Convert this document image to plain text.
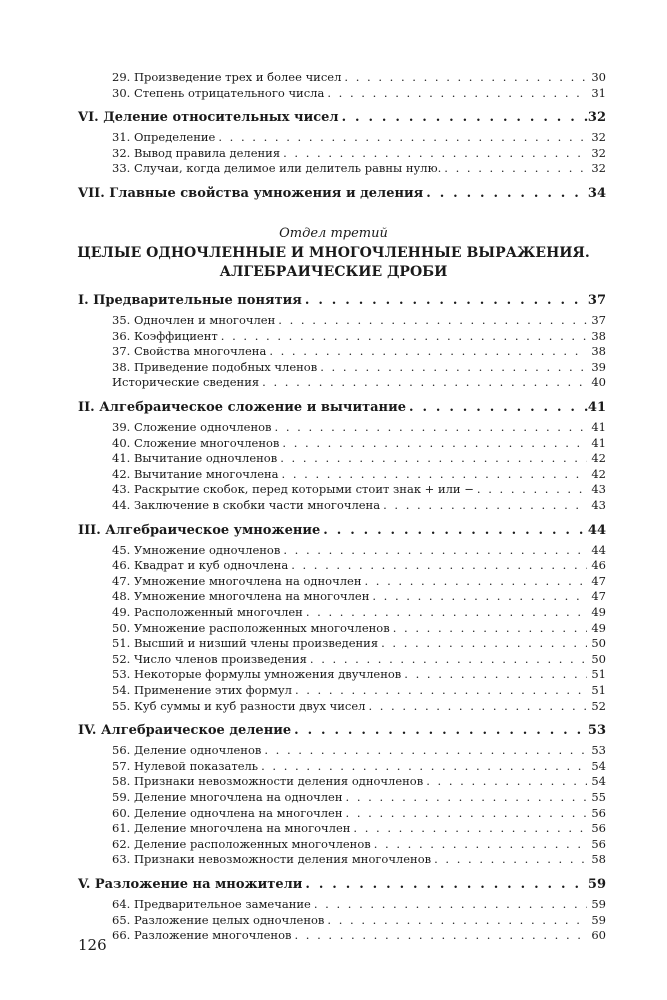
29. Произведение трех и более чисел . . .	30
30. Степень отрицательного числа . . .	31
VI. Деление относительных чисел . . .	32
31. Определение . . .	32
32. Вывод правила деления . . .	32
33. Случаи, когда делимое или делитель равны нулю. . . .	32
VII. Главные свойства умножения и деления . . .	34
Отдел третий
ЦЕЛЫЕ ОДНОЧЛЕННЫЕ И МНОГОЧЛЕННЫЕ ВЫРАЖЕНИЯ.
АЛГЕБРАИЧЕСКИЕ ДРОБИ
I. Предварительные понятия . . .	37
35. Одночлен и многочлен . . .	37
36. Коэффициент . . .	38
37. Свойства многочлена . . .	38
38. Приведение подобных членов . . .	39
Исторические сведения . . .	40
II. Алгебраическое сложение и вычитание . . .	41
39. Сложение одночленов . . .	41
40. Сложение многочленов . . .	41
41. Вычитание одночленов . . .	42
42. Вычитание многочлена . . .	42
43. Раскрытие скобок, перед которыми стоит знак + или − . . .	43
44. Заключение в скобки части многочлена . . .	43
III. Алгебраическое умножение . . .	44
45. Умножение одночленов . . .	44
46. Квадрат и куб одночлена . . .	46
47. Умножение многочлена на одночлен . . .	47
48. Умножение многочлена на многочлен . . .	47
49. Расположенный многочлен . . .	49
50. Умножение расположенных многочленов . . .	49
51. Высший и низший члены произведения . . .	50
52. Число членов произведения . . .	50
53. Некоторые формулы умножения двучленов . . .	51
54. Применение этих формул . . .	51
55. Куб суммы и куб разности двух чисел . . .	52
IV. Алгебраическое деление . . .	53
56. Деление одночленов . . .	53
57. Нулевой показатель . . .	54
58. Признаки невозможности деления одночленов . . .	54
59. Деление многочлена на одночлен . . .	55
60. Деление одночлена на многочлен . . .	56
61. Деление многочлена на многочлен . . .	56
62. Деление расположенных многочленов . . .	56
63. Признаки невозможности деления многочленов . . .	58
V. Разложение на множители . . .	59
64. Предварительное замечание . . .	59
65. Разложение целых одночленов . . .	59
66. Разложение многочленов . . .	60
126
